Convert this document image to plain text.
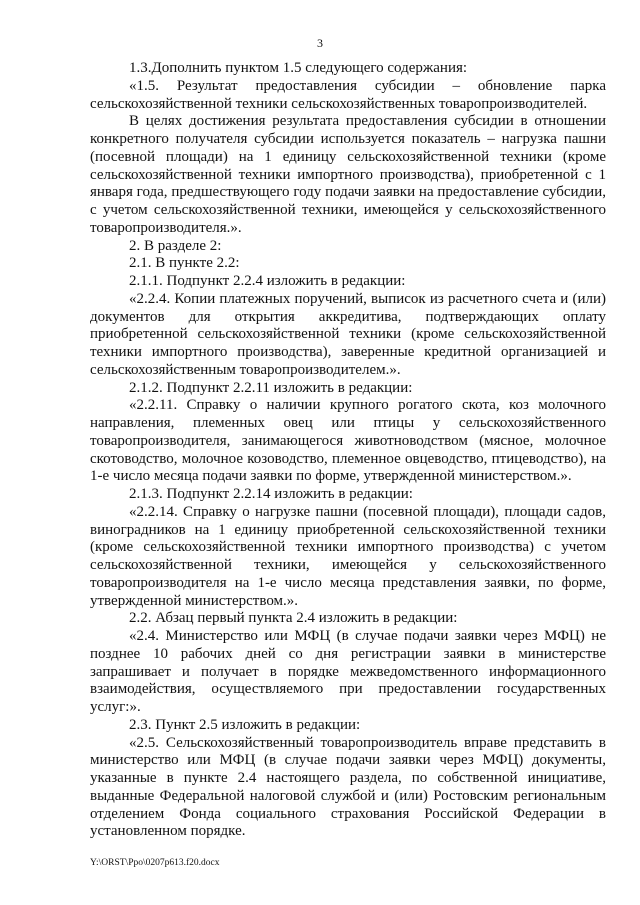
3

1.3.Дополнить пунктом 1.5 следующего содержания:

«1.5. Результат предоставления субсидии – обновление парка сельскохозяйственной техники сельскохозяйственных товаропроизводителей.

В целях достижения результата предоставления субсидии в отношении конкретного получателя субсидии используется показатель – нагрузка пашни (посевной площади) на 1 единицу сельскохозяйственной техники (кроме сельскохозяйственной техники импортного производства), приобретенной с 1 января года, предшествующего году подачи заявки на предоставление субсидии, с учетом сельскохозяйственной техники, имеющейся у сельскохозяйственного товаропроизводителя.».

2. В разделе 2:

2.1. В пункте 2.2:

2.1.1. Подпункт 2.2.4 изложить в редакции:

«2.2.4. Копии платежных поручений, выписок из расчетного счета и (или) документов для открытия аккредитива, подтверждающих оплату приобретенной сельскохозяйственной техники (кроме сельскохозяйственной техники импортного производства), заверенные кредитной организацией и сельскохозяйственным товаропроизводителем.».

2.1.2. Подпункт 2.2.11 изложить в редакции:

«2.2.11. Справку о наличии крупного рогатого скота, коз молочного направления, племенных овец или птицы у сельскохозяйственного товаропроизводителя, занимающегося животноводством (мясное, молочное скотоводство, молочное козоводство, племенное овцеводство, птицеводство), на 1-е число месяца подачи заявки по форме, утвержденной министерством.».

2.1.3. Подпункт 2.2.14 изложить в редакции:

«2.2.14. Справку о нагрузке пашни (посевной площади), площади садов, виноградников на 1 единицу приобретенной сельскохозяйственной техники (кроме сельскохозяйственной техники импортного производства) с учетом сельскохозяйственной техники, имеющейся у сельскохозяйственного товаропроизводителя на 1-е число месяца представления заявки, по форме, утвержденной министерством.».

2.2. Абзац первый пункта 2.4 изложить в редакции:

«2.4. Министерство или МФЦ (в случае подачи заявки через МФЦ) не позднее 10 рабочих дней со дня регистрации заявки в министерстве запрашивает и получает в порядке межведомственного информационного взаимодействия, осуществляемого при предоставлении государственных услуг:».

2.3. Пункт 2.5 изложить в редакции:

«2.5. Сельскохозяйственный товаропроизводитель вправе представить в министерство или МФЦ (в случае подачи заявки через МФЦ) документы, указанные в пункте 2.4 настоящего раздела, по собственной инициативе, выданные Федеральной налоговой службой и (или) Ростовским региональным отделением Фонда социального страхования Российской Федерации в установленном порядке.

Y:\ORST\Ppo\0207p613.f20.docx
